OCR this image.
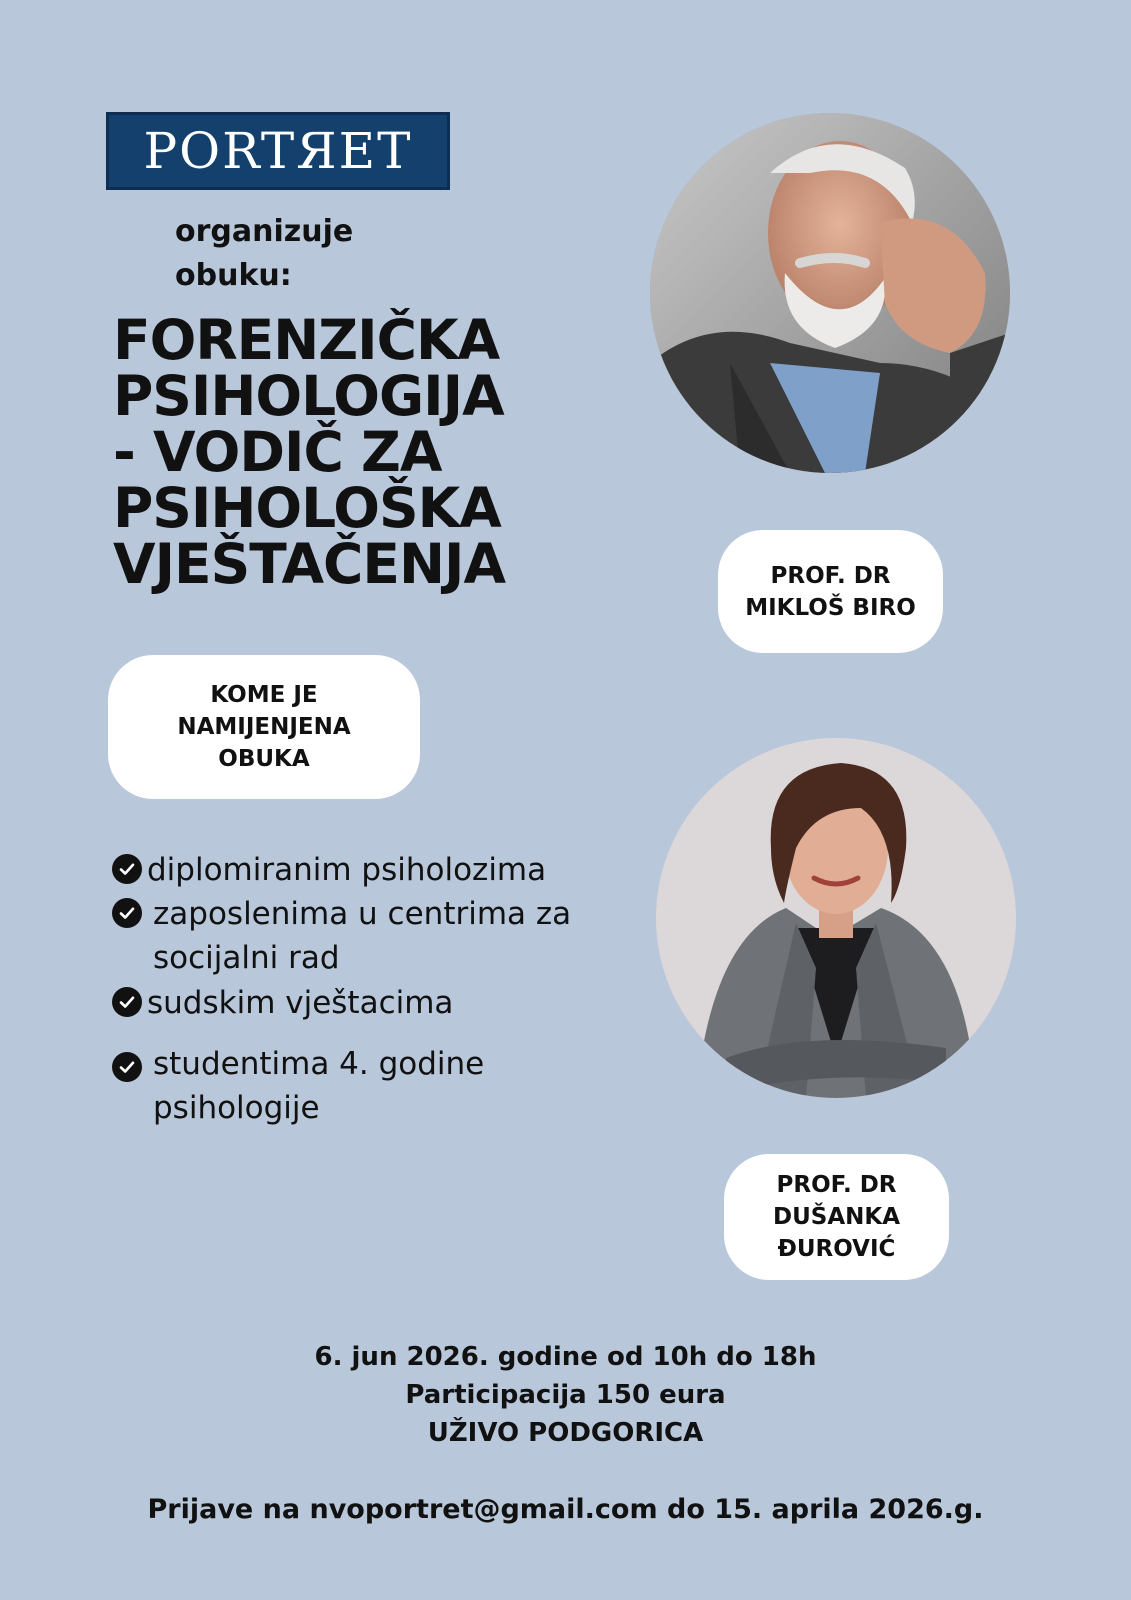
PORTЯET
organizuje
obuku:
FORENZIČKA
PSIHOLOGIJA
- VODIČ ZA
PSIHOLOŠKA
VJEŠTAČENJA
KOME JE
NAMIJENJENA
OBUKA
diplomiranim psiholozima
zaposlenima u centrima za
socijalni rad
sudskim vještacima
studentima 4. godine
psihologije
PROF. DR
MIKLOŠ BIRO
PROF. DR
DUŠANKA
ĐUROVIĆ
6. jun 2026. godine od 10h do 18h
Participacija 150 eura
UŽIVO PODGORICA
Prijave na nvoportret@gmail.com do 15. aprila 2026.g.
